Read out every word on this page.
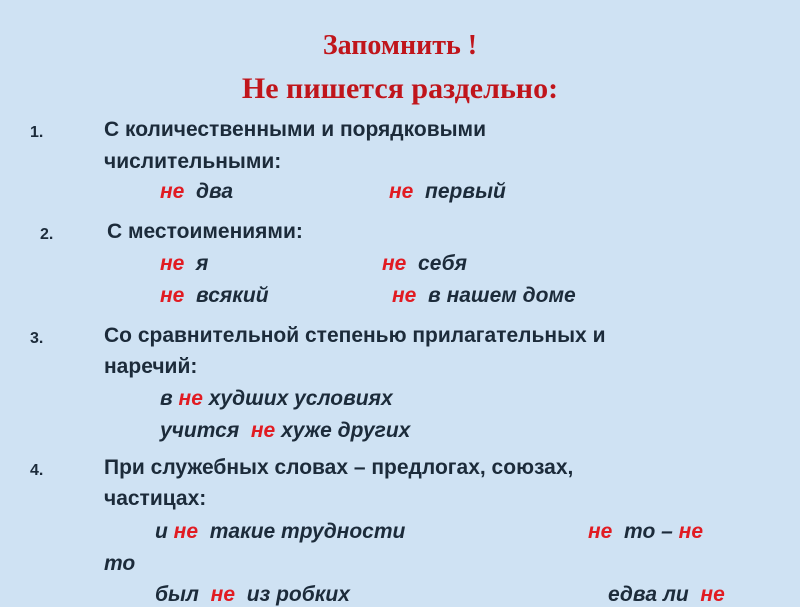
Запомнить !
Не пишется раздельно:
1.	С количественными и порядковыми
числительными:
не два	не первый
2.	С местоимениями:
не я	не себя
не всякий	не в нашем доме
3.	Со сравнительной степенью прилагательных и
наречий:
в не худших условиях
учится не хуже других
4.	При служебных словах – предлогах, союзах,
частицах:
и не такие трудности	не то – не
то
был не из робких	едва ли не
